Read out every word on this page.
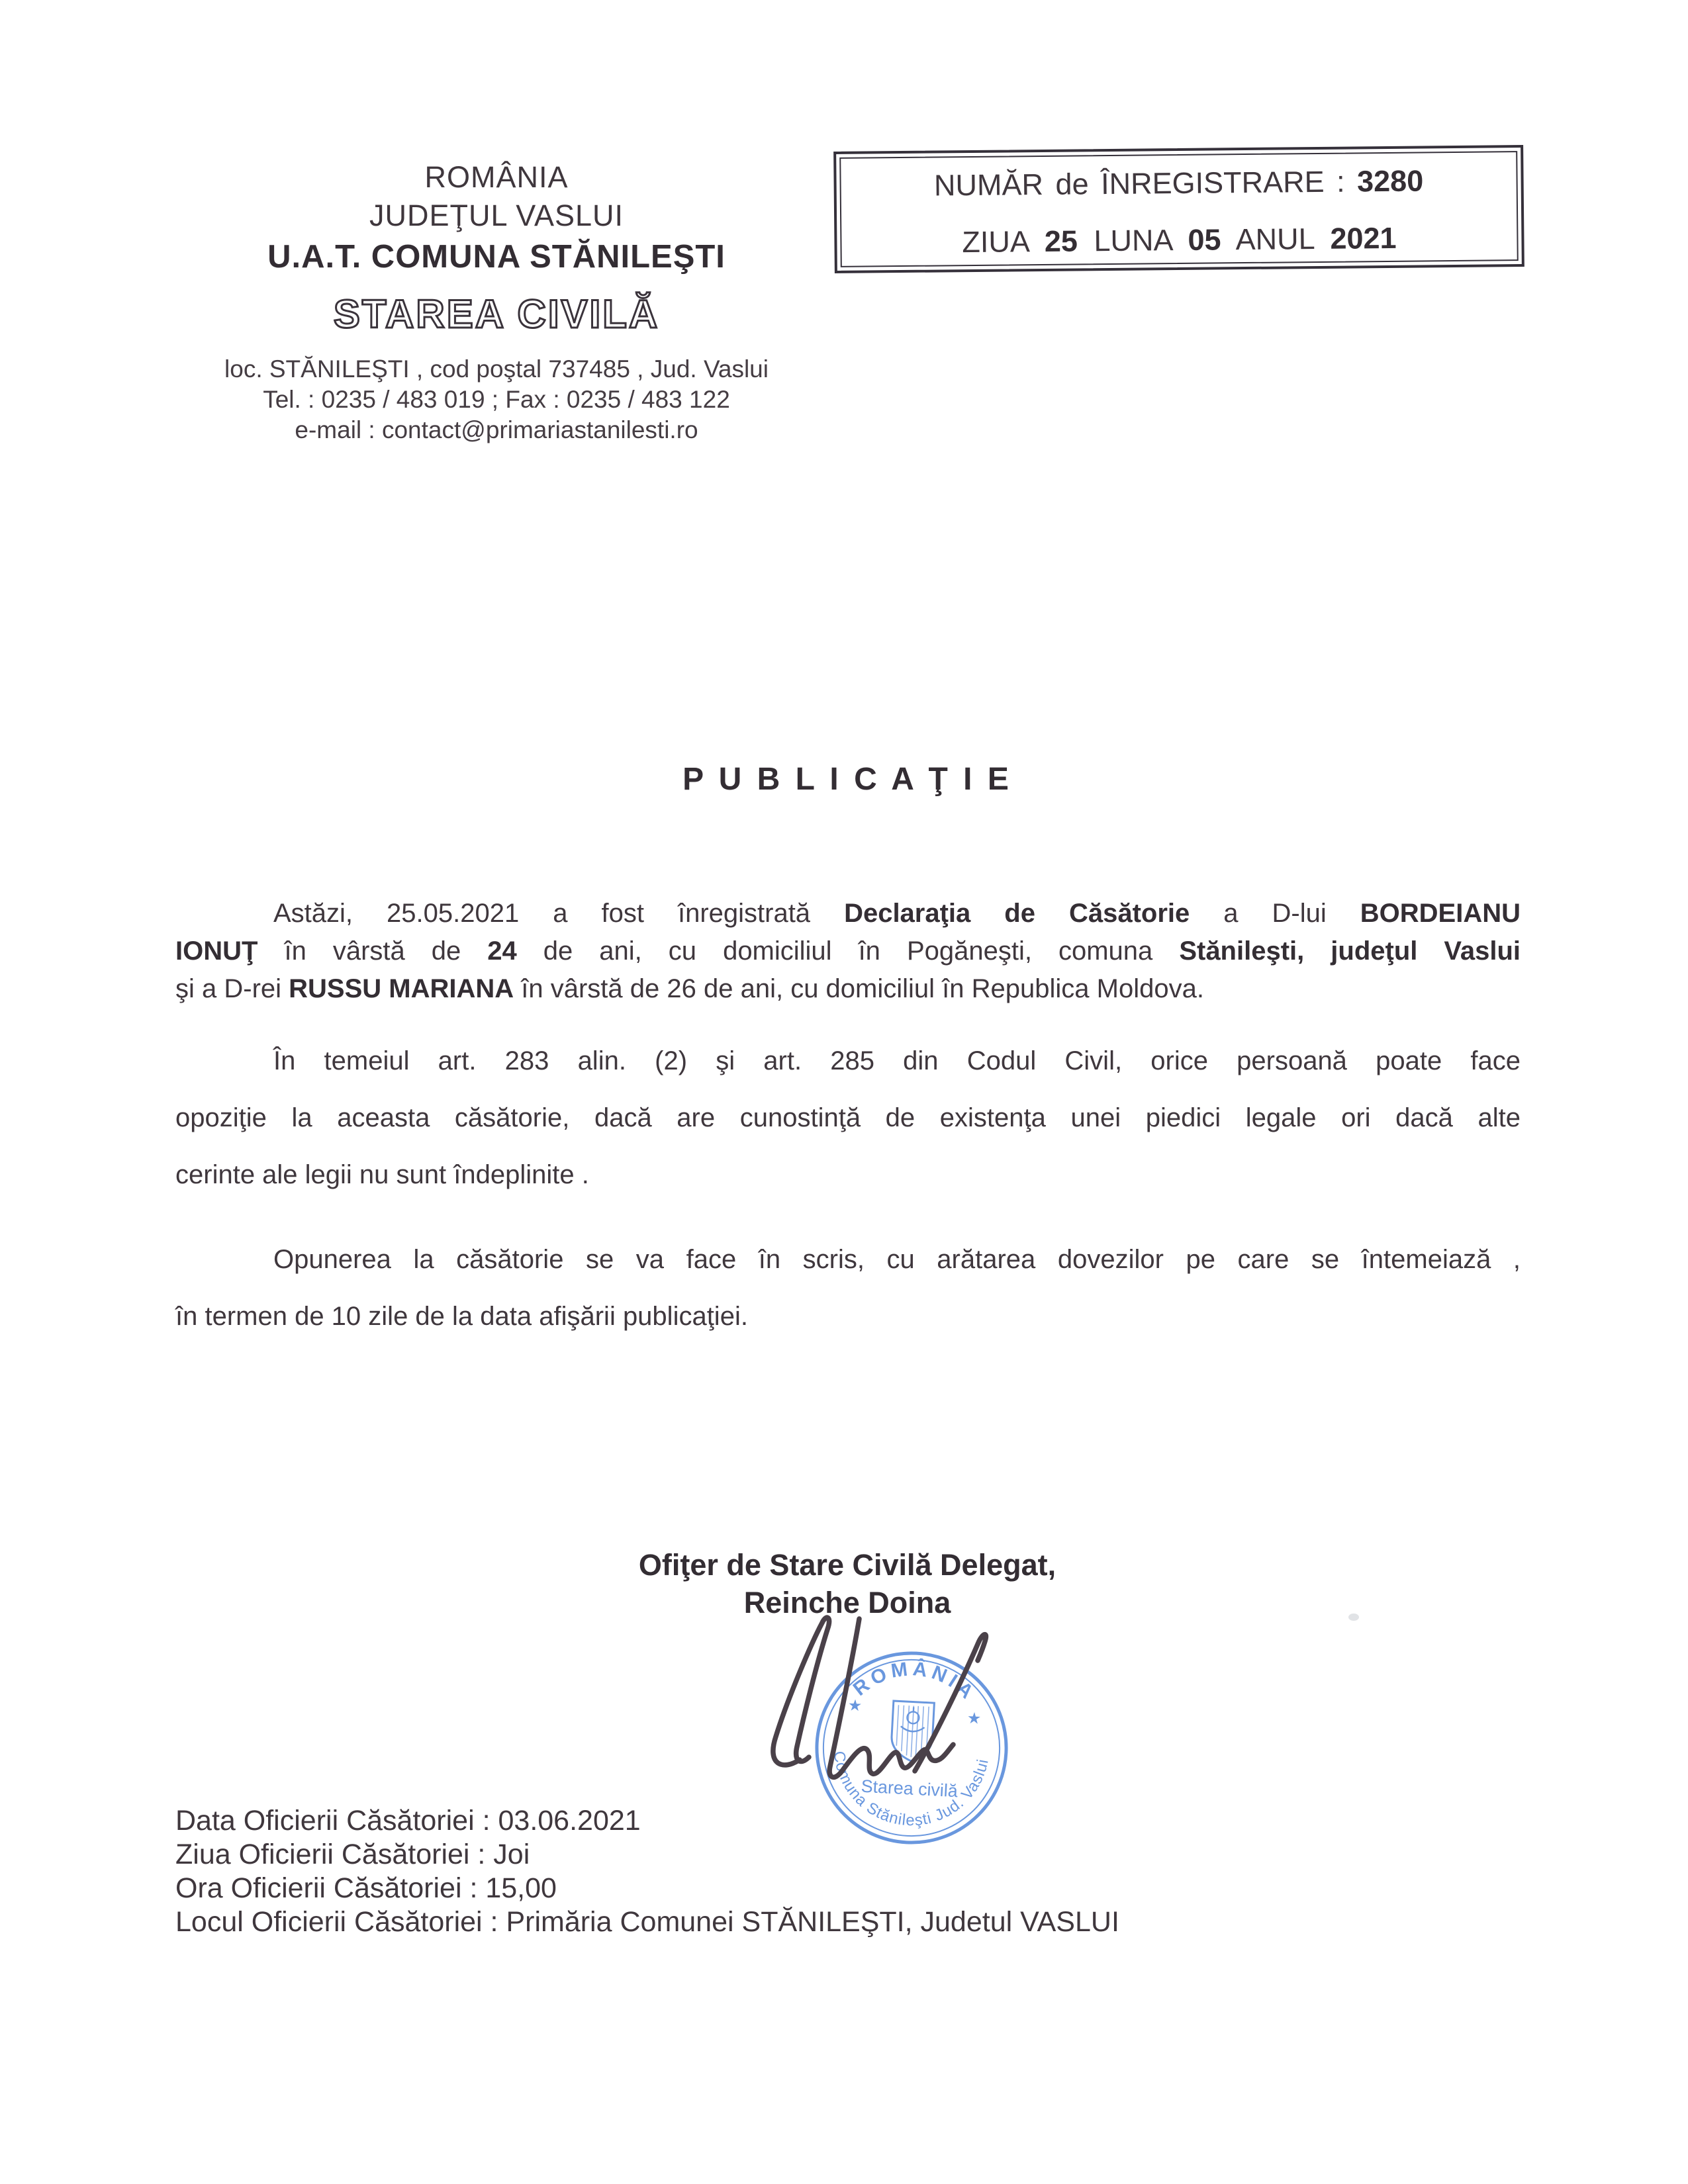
ROMÂNIA
JUDEŢUL VASLUI
U.A.T. COMUNA STĂNILEŞTI
STAREA CIVILĂ
loc. STĂNILEŞTI , cod poştal 737485 , Jud. Vaslui
Tel. : 0235 / 483 019 ; Fax : 0235 / 483 122
e-mail : contact@primariastanilesti.ro
NUMĂR de ÎNREGISTRARE : 3280
ZIUA 25 LUNA 05 ANUL 2021
P U B L I C A Ţ I E
Astăzi, 25.05.2021 a fost înregistrată Declaraţia de Căsătorie a D-lui BORDEIANU
IONUŢ în vârstă de 24 de ani, cu domiciliul în Pogăneşti, comuna Stănileşti, judeţul Vaslui
şi a D-rei RUSSU MARIANA în vârstă de 26 de ani, cu domiciliul în Republica Moldova.
În temeiul art. 283 alin. (2) şi art. 285 din Codul Civil, orice persoană poate face
opoziţie la aceasta căsătorie, dacă are cunostinţă de existenţa unei piedici legale ori dacă alte
cerinte ale legii nu sunt îndeplinite .
Opunerea la căsătorie se va face în scris, cu arătarea dovezilor pe care se întemeiază ,
în termen de 10 zile de la data afişării publicaţiei.
Ofiţer de Stare Civilă Delegat,
Reinche Doina
ROMÂNIA
Starea civilă
Comuna Stănileşti Jud. Vaslui
★
★
Data Oficierii Căsătoriei : 03.06.2021
Ziua Oficierii Căsătoriei : Joi
Ora Oficierii Căsătoriei : 15,00
Locul Oficierii Căsătoriei : Primăria Comunei STĂNILEŞTI, Judetul VASLUI
